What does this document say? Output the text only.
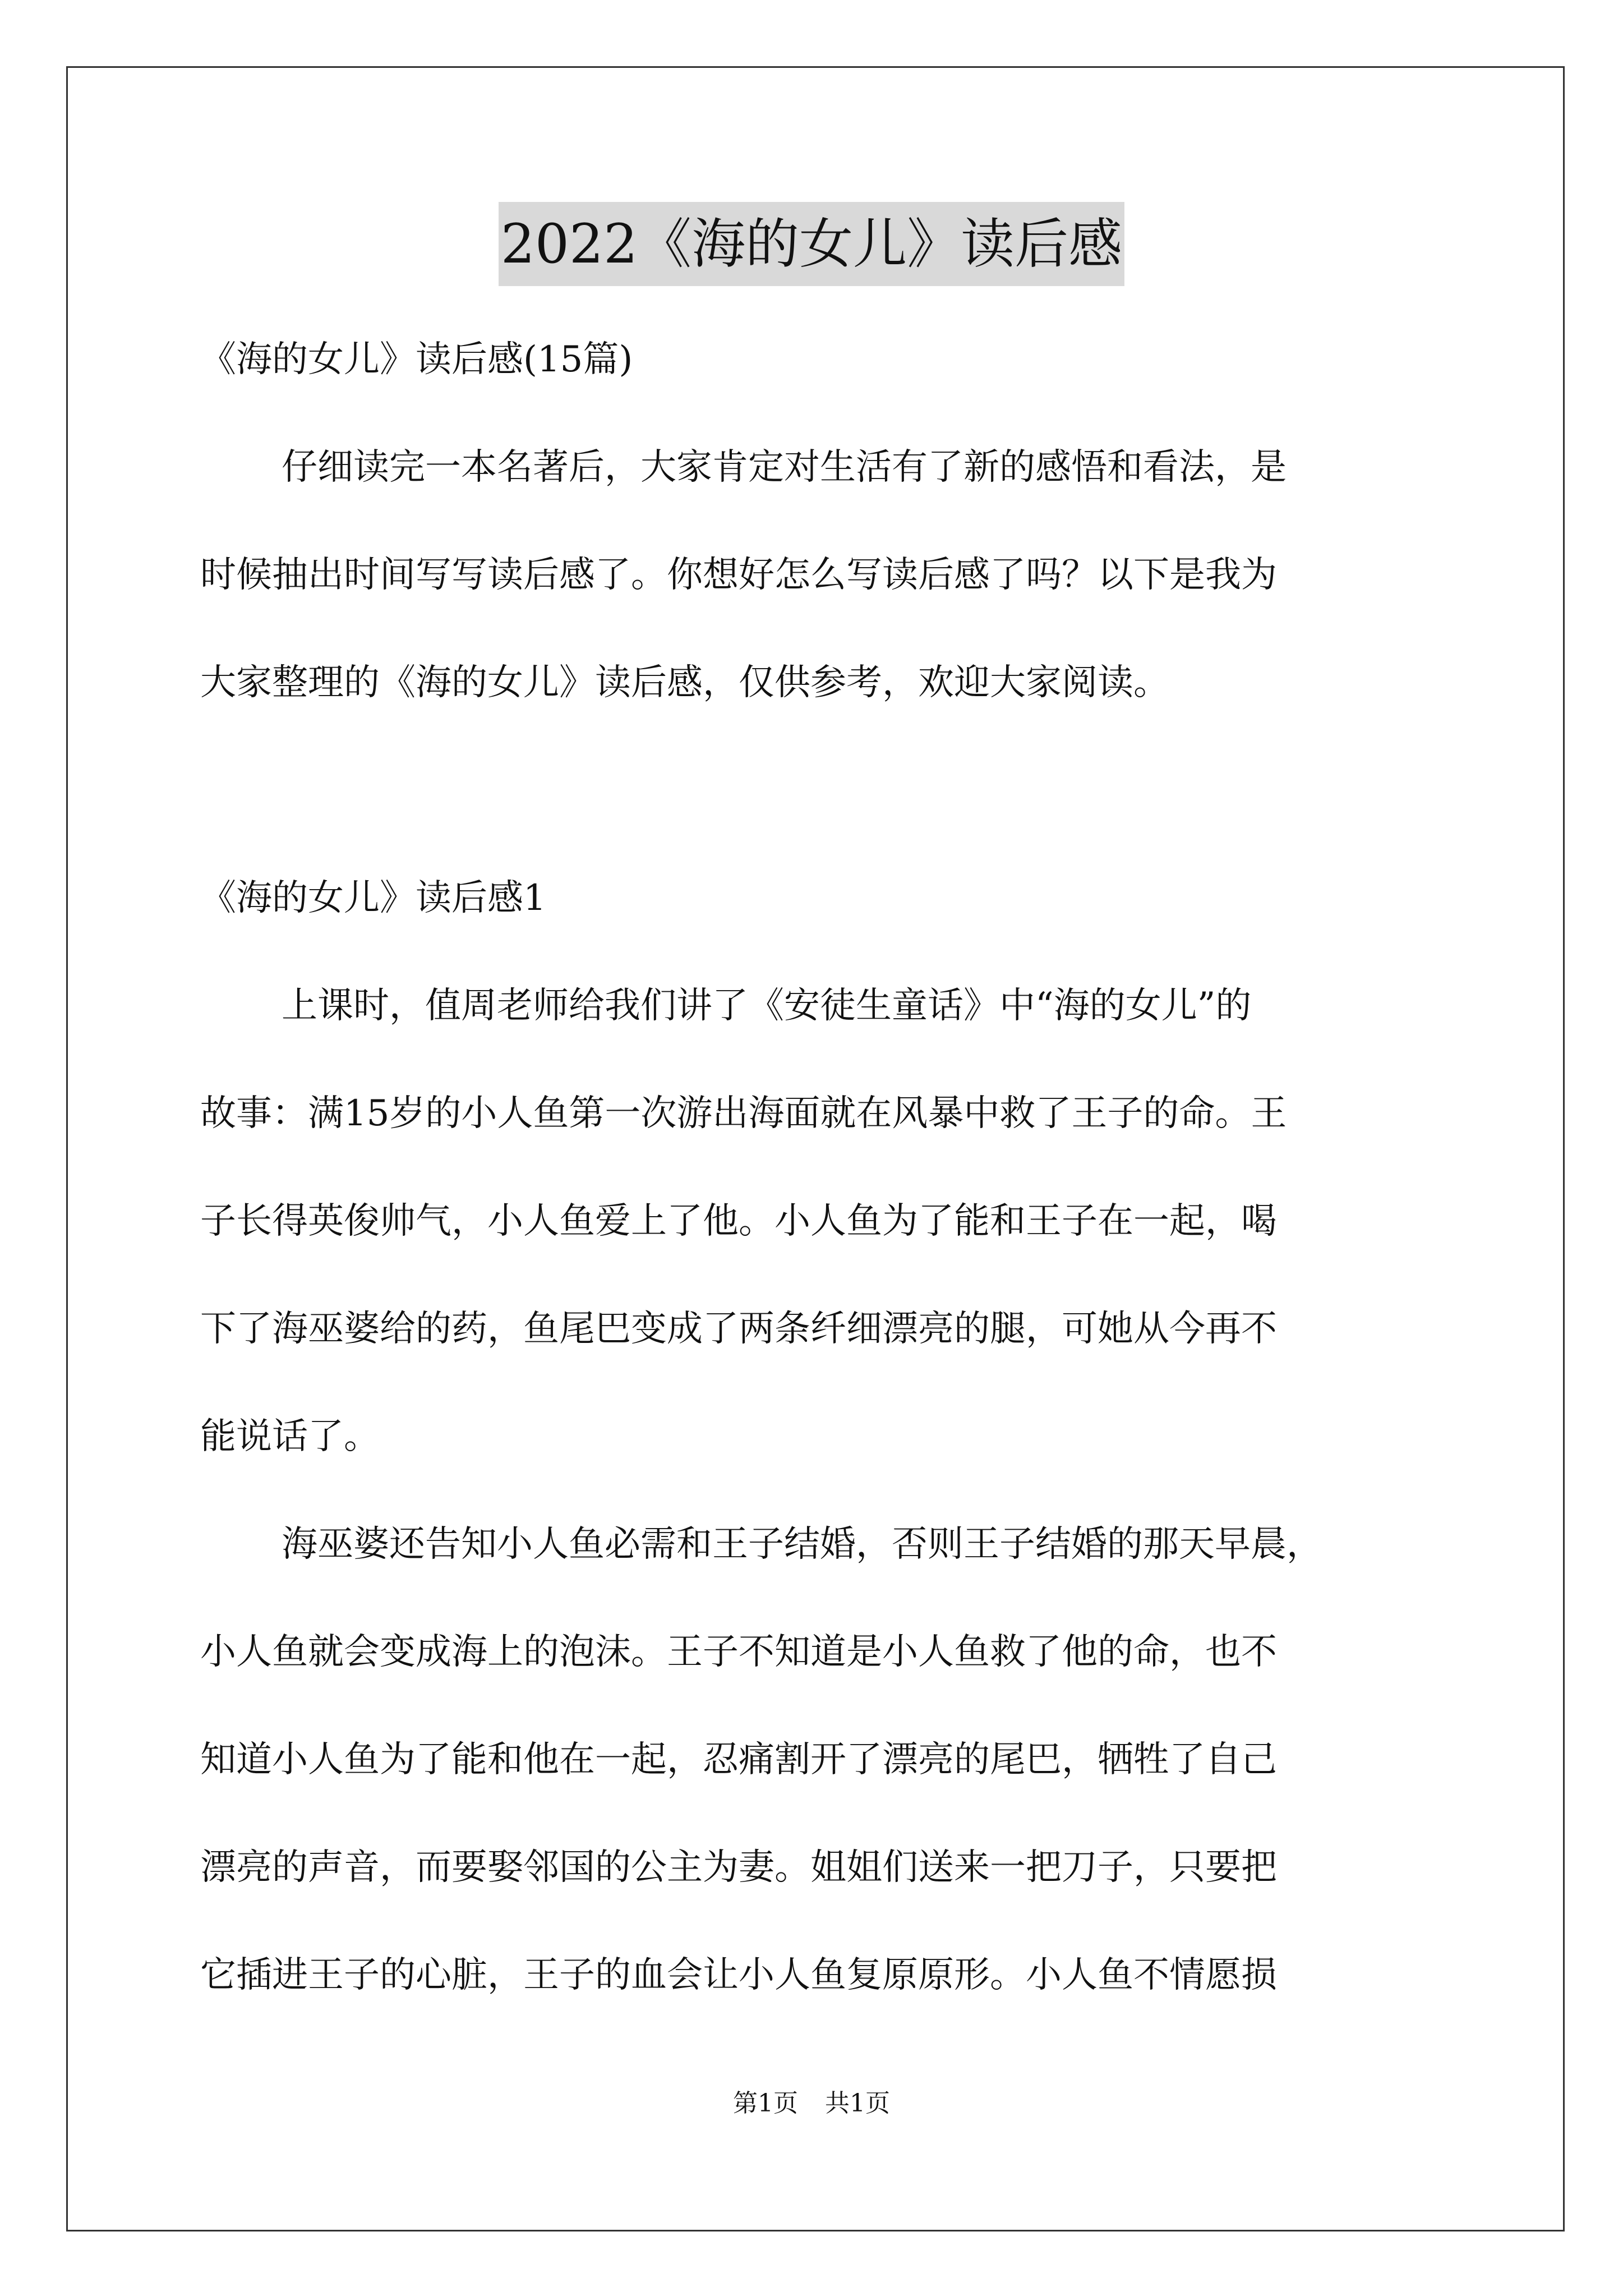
2022《海的女儿》读后感
《海的女儿》读后感(15篇)
仔细读完一本名著后，大家肯定对生活有了新的感悟和看法，是
时候抽出时间写写读后感了。你想好怎么写读后感了吗？以下是我为
大家整理的《海的女儿》读后感，仅供参考，欢迎大家阅读。
《海的女儿》读后感1
上课时，值周老师给我们讲了《安徒生童话》中“海的女儿”的
故事：满15岁的小人鱼第一次游出海面就在风暴中救了王子的命。王
子长得英俊帅气，小人鱼爱上了他。小人鱼为了能和王子在一起，喝
下了海巫婆给的药，鱼尾巴变成了两条纤细漂亮的腿，可她从今再不
能说话了。
海巫婆还告知小人鱼必需和王子结婚，否则王子结婚的那天早晨，
小人鱼就会变成海上的泡沫。王子不知道是小人鱼救了他的命，也不
知道小人鱼为了能和他在一起，忍痛割开了漂亮的尾巴，牺牲了自己
漂亮的声音，而要娶邻国的公主为妻。姐姐们送来一把刀子，只要把
它插进王子的心脏，王子的血会让小人鱼复原原形。小人鱼不情愿损
第1页 共1页
